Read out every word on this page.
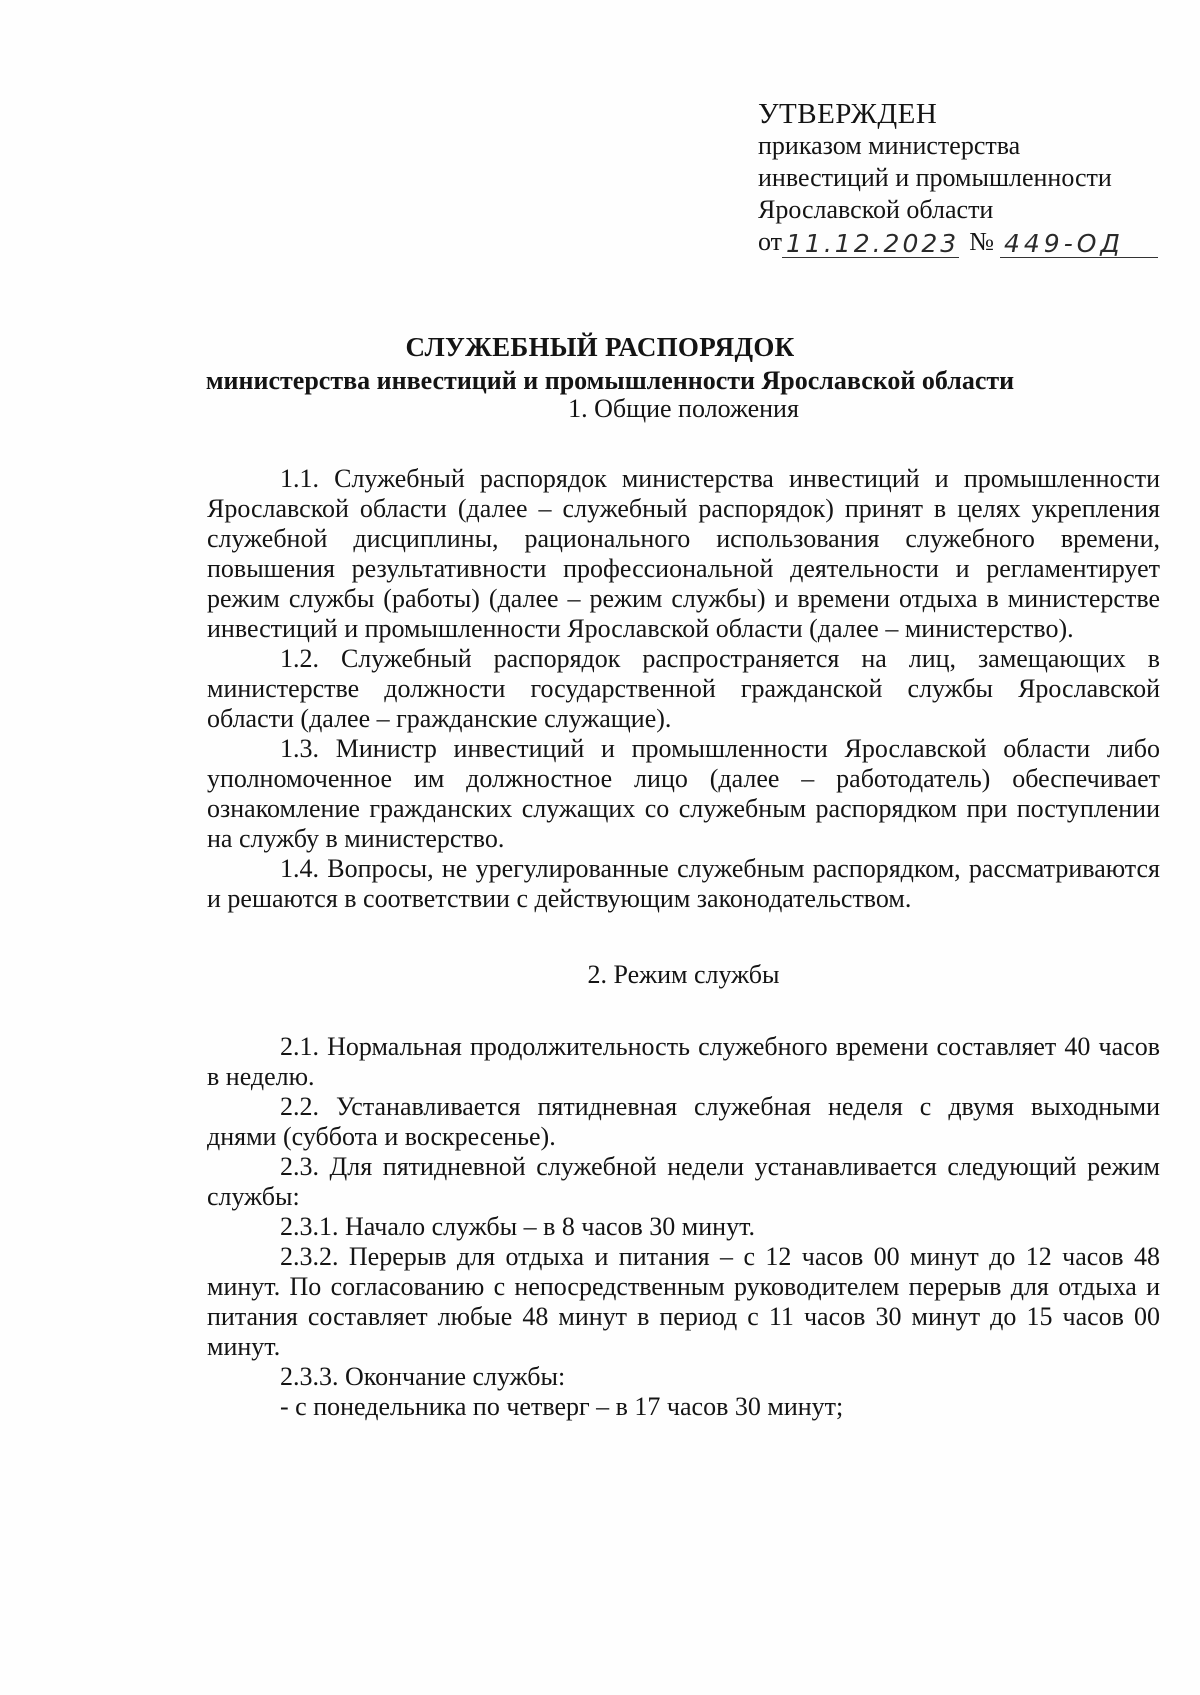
УТВЕРЖДЕН
приказом министерства
инвестиций и промышленности
Ярославской области
от 11.12.2023 № 449-ОД
СЛУЖЕБНЫЙ РАСПОРЯДОК
министерства инвестиций и промышленности Ярославской области
1. Общие положения

1.1. Служебный распорядок министерства инвестиций и промышленности Ярославской области (далее – служебный распорядок) принят в целях укрепления служебной дисциплины, рационального использования служебного времени, повышения результативности профессиональной деятельности и регламентирует режим службы (работы) (далее – режим службы) и времени отдыха в министерстве инвестиций и промышленности Ярославской области (далее – министерство).

1.2. Служебный распорядок распространяется на лиц, замещающих в министерстве должности государственной гражданской службы Ярославской области (далее – гражданские служащие).

1.3. Министр инвестиций и промышленности Ярославской области либо уполномоченное им должностное лицо (далее – работодатель) обеспечивает ознакомление гражданских служащих со служебным распорядком при поступлении на службу в министерство.

1.4. Вопросы, не урегулированные служебным распорядком, рассматриваются и решаются в соответствии с действующим законодательством.

2. Режим службы

2.1. Нормальная продолжительность служебного времени составляет 40 часов в неделю.

2.2. Устанавливается пятидневная служебная неделя с двумя выходными днями (суббота и воскресенье).

2.3. Для пятидневной служебной недели устанавливается следующий режим службы:

2.3.1. Начало службы – в 8 часов 30 минут.

2.3.2. Перерыв для отдыха и питания – с 12 часов 00 минут до 12 часов 48 минут. По согласованию с непосредственным руководителем перерыв для отдыха и питания составляет любые 48 минут в период с 11 часов 30 минут до 15 часов 00 минут.

2.3.3. Окончание службы:

- с понедельника по четверг – в 17 часов 30 минут;
